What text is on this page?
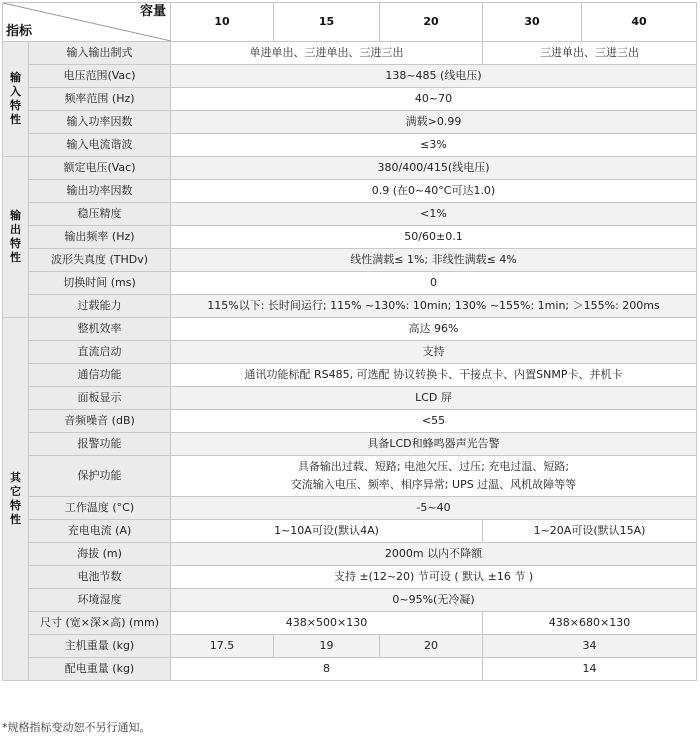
容量
指标		10	15	20	30	40
输入特性	输入输出制式	单进单出、三进单出、三进三出			三进单出、三进三出	
	电压范围(Vac)	138~485 (线电压)				
	频率范围 (Hz)	40~70				
	输入功率因数	满载>0.99				
	输入电流谐波	≤3%				
输出特性	额定电压(Vac)	380/400/415(线电压)				
	输出功率因数	0.9 (在0~40°C可达1.0)				
	稳压精度	<1%				
	输出频率 (Hz)	50/60±0.1				
	波形失真度 (THDv)	线性满载≤ 1%; 非线性满载≤ 4%				
	切换时间 (ms)	0				
	过载能力	115%以下: 长时间运行; 115% ~130%: 10min; 130% ~155%: 1min; ＞155%: 200ms				
其它特性	整机效率	高达 96%				
	直流启动	支持				
	通信功能	通讯功能标配 RS485, 可选配 协议转换卡、干接点卡、内置SNMP卡、并机卡				
	面板显示	LCD 屏				
	音频噪音 (dB)	<55				
	报警功能	具备LCD和蜂鸣器声光告警				
	保护功能	具备输出过载、短路; 电池欠压、过压; 充电过温、短路;
交流输入电压、频率、相序异常; UPS 过温、风机故障等等				

	工作温度 (°C)	-5~40				
	充电电流 (A)	1~10A可设(默认4A)			1~20A可设(默认15A)	
	海拔 (m)	2000m 以内不降额				
	电池节数	支持 ±(12~20) 节可设 ( 默认 ±16 节 )				
	环境湿度	0~95%(无冷凝)				
	尺寸 (宽×深×高) (mm)	438×500×130			438×680×130	
	主机重量 (kg)	17.5	19	20	34	
	配电重量 (kg)	8			14	
*规格指标变动恕不另行通知。
